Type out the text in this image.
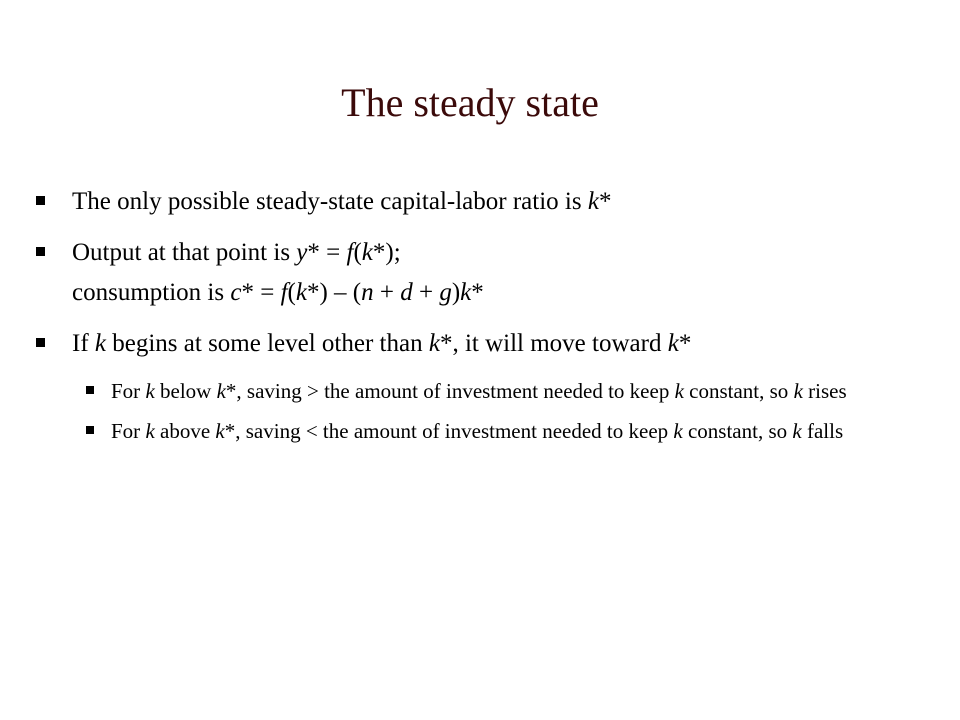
The steady state
The only possible steady-state capital-labor ratio is k*
Output at that point is y* = f(k*);
consumption is c* = f(k*) – (n + d + g)k*
If k begins at some level other than k*, it will move toward k*
For k below k*, saving > the amount of investment needed to keep k constant, so k rises
For k above k*, saving < the amount of investment needed to keep k constant, so k falls
